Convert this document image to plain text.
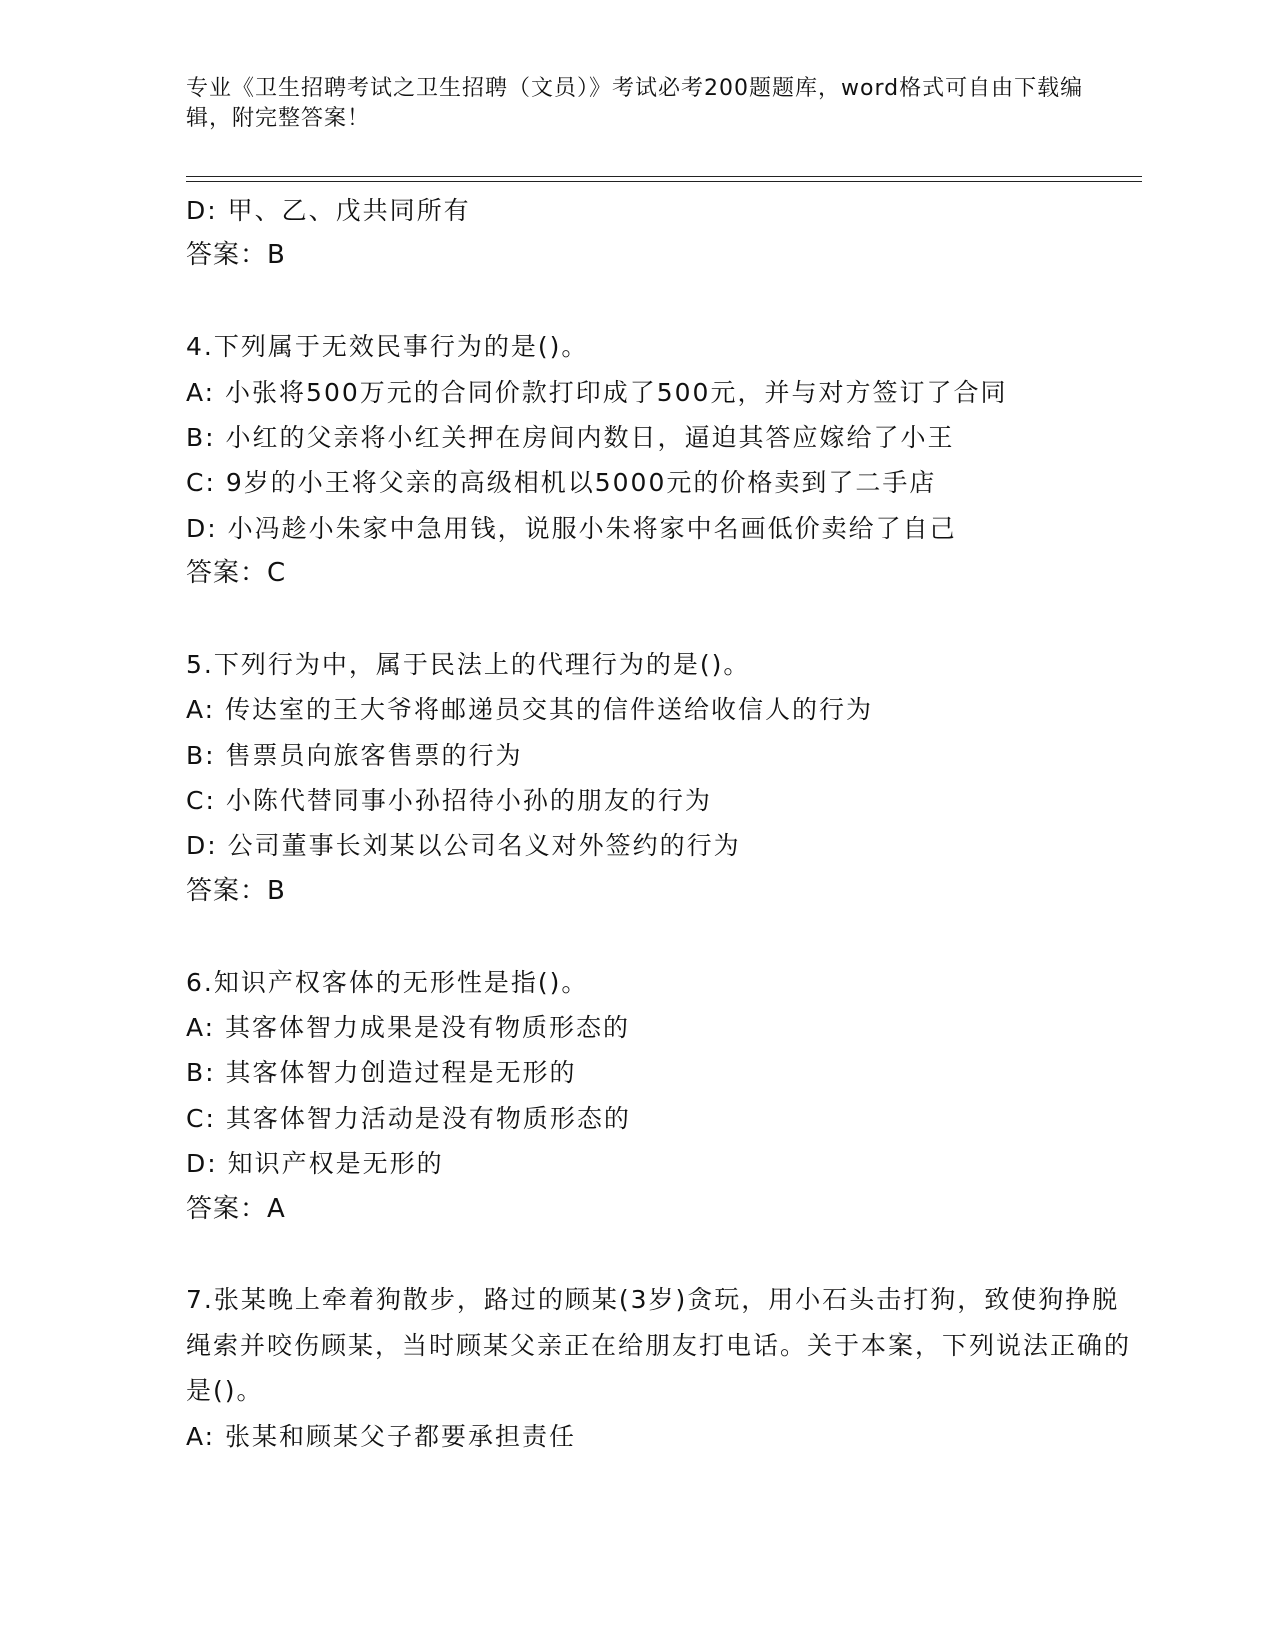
专业《卫生招聘考试之卫生招聘（文员）》考试必考200题题库，word格式可自由下载编辑，附完整答案！
D: 甲、乙、戊共同所有
答案：B
4.下列属于无效民事行为的是()。
A: 小张将500万元的合同价款打印成了500元，并与对方签订了合同
B: 小红的父亲将小红关押在房间内数日，逼迫其答应嫁给了小王
C: 9岁的小王将父亲的高级相机以5000元的价格卖到了二手店
D: 小冯趁小朱家中急用钱，说服小朱将家中名画低价卖给了自己
答案：C
5.下列行为中，属于民法上的代理行为的是()。
A: 传达室的王大爷将邮递员交其的信件送给收信人的行为
B: 售票员向旅客售票的行为
C: 小陈代替同事小孙招待小孙的朋友的行为
D: 公司董事长刘某以公司名义对外签约的行为
答案：B
6.知识产权客体的无形性是指()。
A: 其客体智力成果是没有物质形态的
B: 其客体智力创造过程是无形的
C: 其客体智力活动是没有物质形态的
D: 知识产权是无形的
答案：A
7.张某晚上牵着狗散步，路过的顾某(3岁)贪玩，用小石头击打狗，致使狗挣脱绳索并咬伤顾某，当时顾某父亲正在给朋友打电话。关于本案，下列说法正确的是()。
A: 张某和顾某父子都要承担责任
